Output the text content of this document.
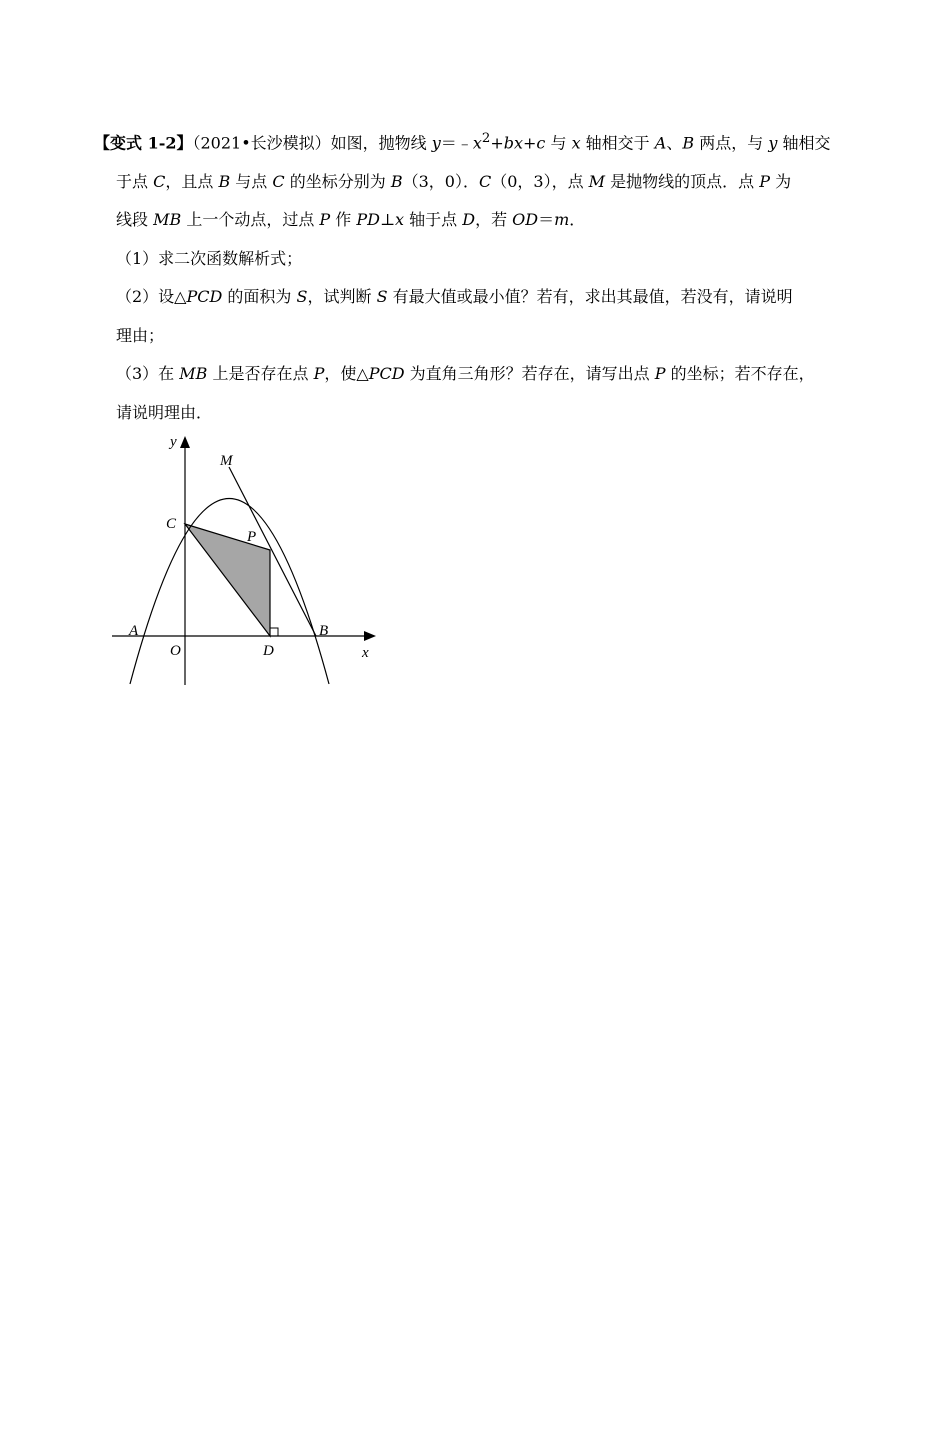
【变式 1-2】（2021•长沙模拟）如图，抛物线 $y=﹣x^2+bx+c$ 与 x 轴相交于 A、B 两点，与 y 轴相交
于点 C，且点 B 与点 C 的坐标分别为 B（3，0）．C（0，3），点 M 是抛物线的顶点．点 P 为
线段 MB 上一个动点，过点 P 作 PD⊥x 轴于点 D，若 OD＝m．
（1）求二次函数解析式；
（2）设△PCD 的面积为 S，试判断 S 有最大值或最小值？若有，求出其最值，若没有，请说明
理由；
（3）在 MB 上是否存在点 P，使△PCD 为直角三角形？若存在，请写出点 P 的坐标；若不存在，
请说明理由．
y
M
C
P
A
O	D
B
x
